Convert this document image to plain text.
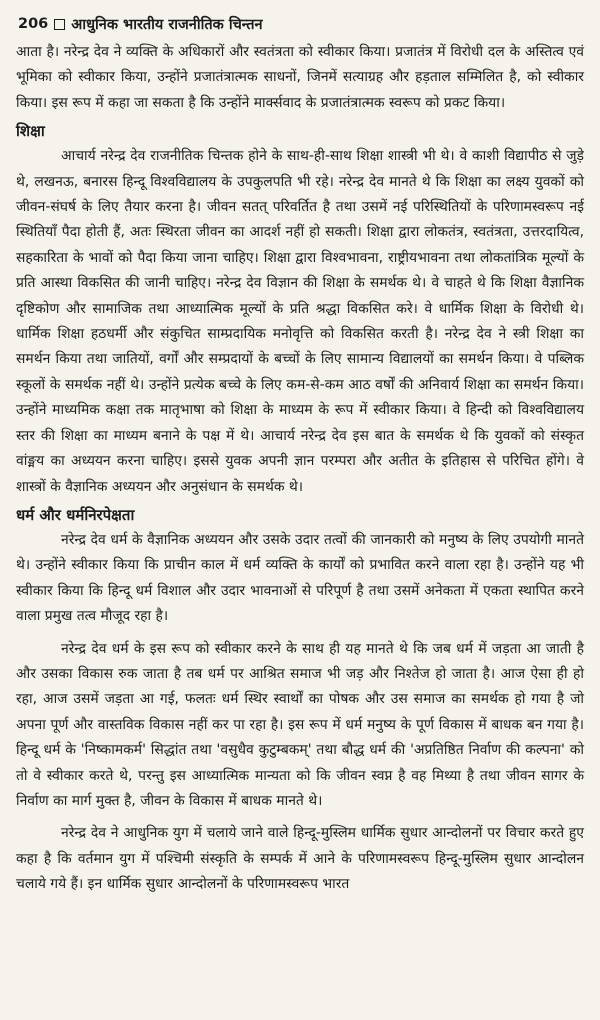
206 आधुनिक भारतीय राजनीतिक चिन्तन

आता है। नरेन्द्र देव ने व्यक्ति के अधिकारों और स्वतंत्रता को स्वीकार किया। प्रजातंत्र में विरोधी दल के अस्तित्व एवं भूमिका को स्वीकार किया, उन्होंने प्रजातंत्रात्मक साधनों, जिनमें सत्याग्रह और हड़ताल सम्मिलित है, को स्वीकार किया। इस रूप में कहा जा सकता है कि उन्होंने मार्क्सवाद के प्रजातंत्रात्मक स्वरूप को प्रकट किया।

शिक्षा

आचार्य नरेन्द्र देव राजनीतिक चिन्तक होने के साथ-ही-साथ शिक्षा शास्त्री भी थे। वे काशी विद्यापीठ से जुड़े थे, लखनऊ, बनारस हिन्दू विश्वविद्यालय के उपकुलपति भी रहे। नरेन्द्र देव मानते थे कि शिक्षा का लक्ष्य युवकों को जीवन-संघर्ष के लिए तैयार करना है। जीवन सतत् परिवर्तित है तथा उसमें नई परिस्थितियों के परिणामस्वरूप नई स्थितियाँ पैदा होती हैं, अतः स्थिरता जीवन का आदर्श नहीं हो सकती। शिक्षा द्वारा लोकतंत्र, स्वतंत्रता, उत्तरदायित्व, सहकारिता के भावों को पैदा किया जाना चाहिए। शिक्षा द्वारा विश्वभावना, राष्ट्रीयभावना तथा लोकतांत्रिक मूल्यों के प्रति आस्था विकसित की जानी चाहिए। नरेन्द्र देव विज्ञान की शिक्षा के समर्थक थे। वे चाहते थे कि शिक्षा वैज्ञानिक दृष्टिकोण और सामाजिक तथा आध्यात्मिक मूल्यों के प्रति श्रद्धा विकसित करे। वे धार्मिक शिक्षा के विरोधी थे। धार्मिक शिक्षा हठधर्मी और संकुचित साम्प्रदायिक मनोवृत्ति को विकसित करती है। नरेन्द्र देव ने स्त्री शिक्षा का समर्थन किया तथा जातियों, वर्गों और सम्प्रदायों के बच्चों के लिए सामान्य विद्यालयों का समर्थन किया। वे पब्लिक स्कूलों के समर्थक नहीं थे। उन्होंने प्रत्येक बच्चे के लिए कम-से-कम आठ वर्षों की अनिवार्य शिक्षा का समर्थन किया। उन्होंने माध्यमिक कक्षा तक मातृभाषा को शिक्षा के माध्यम के रूप में स्वीकार किया। वे हिन्दी को विश्वविद्यालय स्तर की शिक्षा का माध्यम बनाने के पक्ष में थे। आचार्य नरेन्द्र देव इस बात के समर्थक थे कि युवकों को संस्कृत वांङ्मय का अध्ययन करना चाहिए। इससे युवक अपनी ज्ञान परम्परा और अतीत के इतिहास से परिचित होंगे। वे शास्त्रों के वैज्ञानिक अध्ययन और अनुसंधान के समर्थक थे।

धर्म और धर्मनिरपेक्षता

नरेन्द्र देव धर्म के वैज्ञानिक अध्ययन और उसके उदार तत्वों की जानकारी को मनुष्य के लिए उपयोगी मानते थे। उन्होंने स्वीकार किया कि प्राचीन काल में धर्म व्यक्ति के कार्यों को प्रभावित करने वाला रहा है। उन्होंने यह भी स्वीकार किया कि हिन्दू धर्म विशाल और उदार भावनाओं से परिपूर्ण है तथा उसमें अनेकता में एकता स्थापित करने वाला प्रमुख तत्व मौजूद रहा है।

नरेन्द्र देव धर्म के इस रूप को स्वीकार करने के साथ ही यह मानते थे कि जब धर्म में जड़ता आ जाती है और उसका विकास रुक जाता है तब धर्म पर आश्रित समाज भी जड़ और निश्तेज हो जाता है। आज ऐसा ही हो रहा, आज उसमें जड़ता आ गई, फलतः धर्म स्थिर स्वार्थों का पोषक और उस समाज का समर्थक हो गया है जो अपना पूर्ण और वास्तविक विकास नहीं कर पा रहा है। इस रूप में धर्म मनुष्य के पूर्ण विकास में बाधक बन गया है। हिन्दू धर्म के 'निष्कामकर्म' सिद्धांत तथा 'वसुधैव कुटुम्बकम्' तथा बौद्ध धर्म की 'अप्रतिष्ठित निर्वाण की कल्पना' को तो वे स्वीकार करते थे, परन्तु इस आध्यात्मिक मान्यता को कि जीवन स्वप्न है वह मिथ्या है तथा जीवन सागर के निर्वाण का मार्ग मुक्त है, जीवन के विकास में बाधक मानते थे।

नरेन्द्र देव ने आधुनिक युग में चलाये जाने वाले हिन्दू-मुस्लिम धार्मिक सुधार आन्दोलनों पर विचार करते हुए कहा है कि वर्तमान युग में पश्चिमी संस्कृति के सम्पर्क में आने के परिणामस्वरूप हिन्दू-मुस्लिम सुधार आन्दोलन चलाये गये हैं। इन धार्मिक सुधार आन्दोलनों के परिणामस्वरूप भारत
